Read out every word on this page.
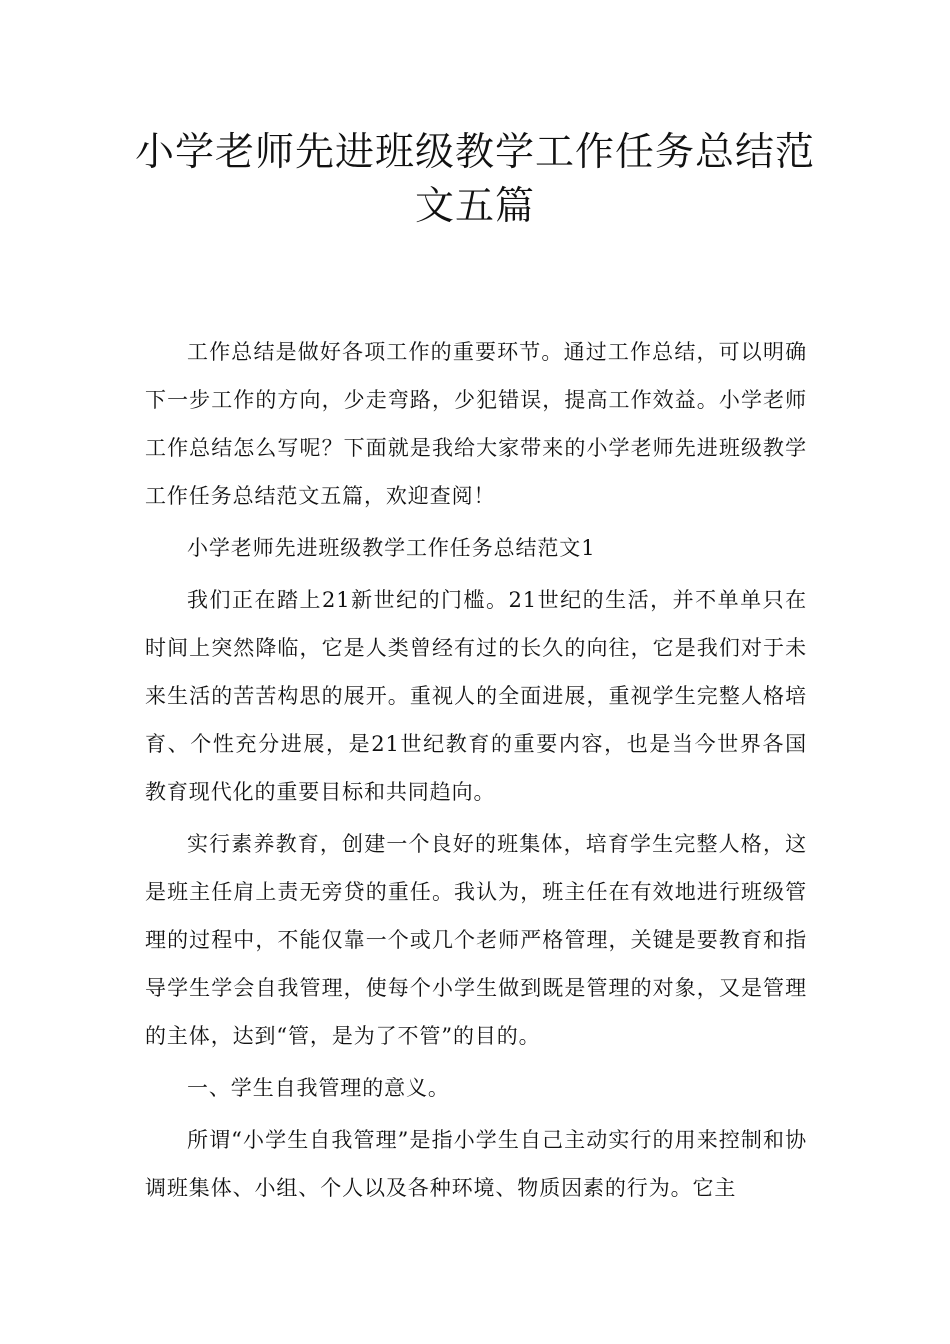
小学老师先进班级教学工作任务总结范文五篇

工作总结是做好各项工作的重要环节。通过工作总结，可以明确下一步工作的方向，少走弯路，少犯错误，提高工作效益。小学老师工作总结怎么写呢？下面就是我给大家带来的小学老师先进班级教学工作任务总结范文五篇，欢迎查阅！

小学老师先进班级教学工作任务总结范文1

我们正在踏上21新世纪的门槛。21世纪的生活，并不单单只在时间上突然降临，它是人类曾经有过的长久的向往，它是我们对于未来生活的苦苦构思的展开。重视人的全面进展，重视学生完整人格培育、个性充分进展，是21世纪教育的重要内容，也是当今世界各国教育现代化的重要目标和共同趋向。

实行素养教育，创建一个良好的班集体，培育学生完整人格，这是班主任肩上责无旁贷的重任。我认为，班主任在有效地进行班级管理的过程中，不能仅靠一个或几个老师严格管理，关键是要教育和指导学生学会自我管理，使每个小学生做到既是管理的对象，又是管理的主体，达到“管，是为了不管”的目的。

一、学生自我管理的意义。

所谓“小学生自我管理”是指小学生自己主动实行的用来控制和协调班集体、小组、个人以及各种环境、物质因素的行为。它主
